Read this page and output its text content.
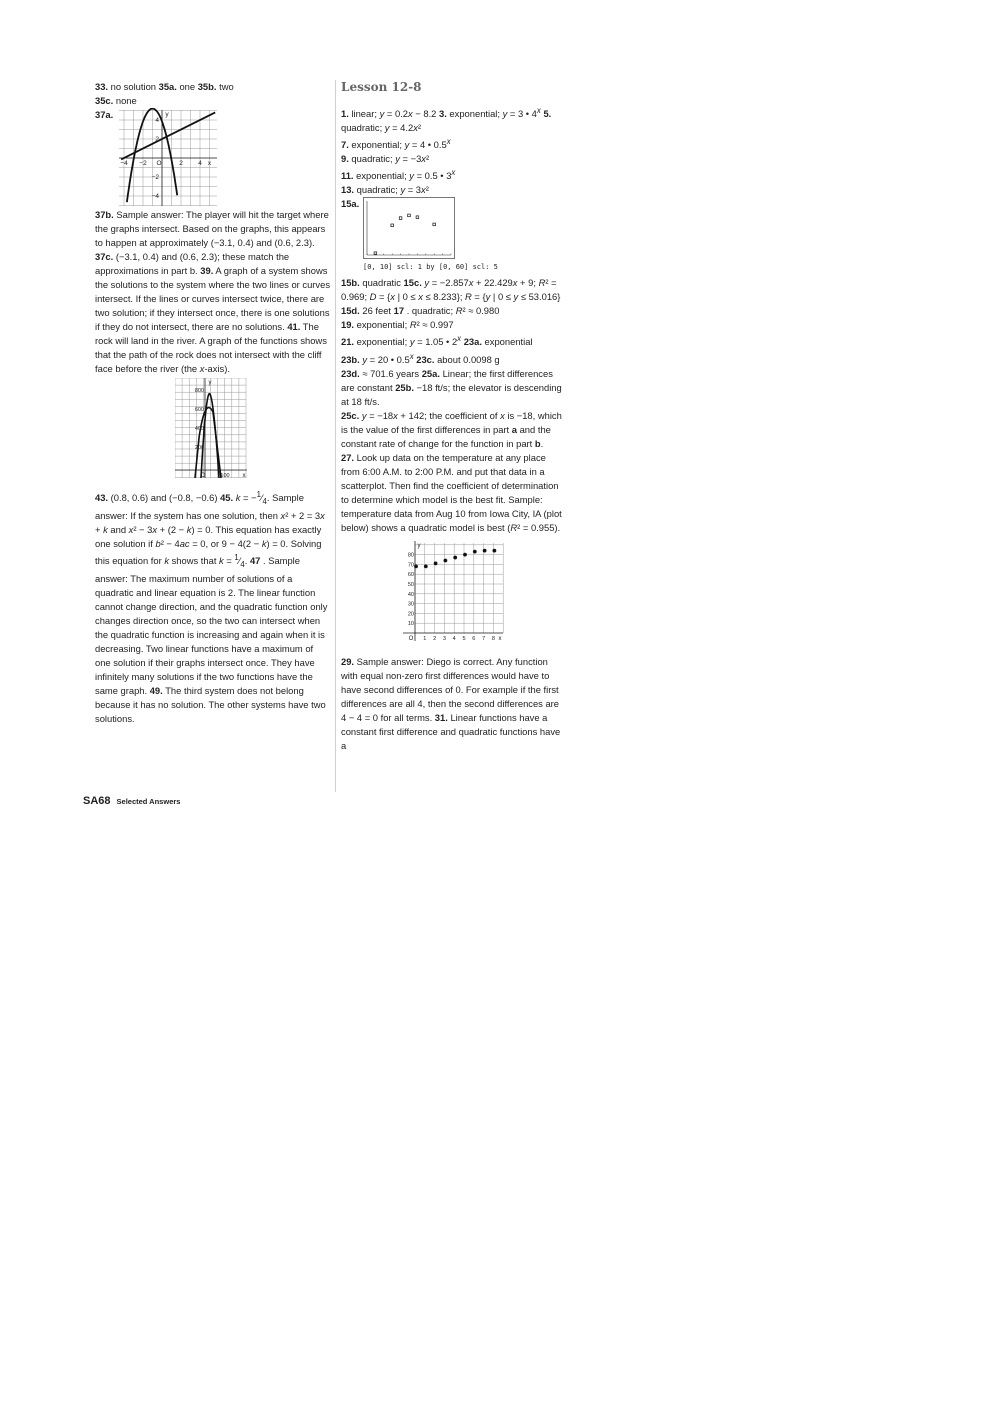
33. no solution 35a. one 35b. two

35c. none

37a.
−4 −2 O	2 4 x
4
2
−2
−4
y

37b. Sample answer: The player will hit the target where the graphs intersect. Based on the graphs, this appears to happen at approximately (−3.1, 0.4) and (0.6, 2.3). 37c. (−3.1, 0.4) and (0.6, 2.3); these match the approximations in part b. 39. A graph of a system shows the solutions to the system where the two lines or curves intersect. If the lines or curves intersect twice, there are two solution; if they intersect once, there is one solutions if they do not intersect, there are no solutions. 41. The rock will land in the river. A graph of the functions shows that the path of the rock does not intersect with the cliff face before the river (the x-axis).

800
600
400
200
y
O	100 x

43. (0.8, 0.6) and (−0.8, −0.6) 45. $k = -^1⁄_4$. Sample answer: If the system has one solution, then x² + 2 = 3x + k and x² − 3x + (2 − k) = 0. This equation has exactly one solution if b² − 4ac = 0, or 9 − 4(2 − k) = 0. Solving this equation for k shows that $k = ^1⁄_4$. 47 . Sample answer: The maximum number of solutions of a quadratic and linear equation is 2. The linear function cannot change direction, and the quadratic function only changes direction once, so the two can intersect when the quadratic function is increasing and again when it is decreasing. Two linear functions have a maximum of one solution if their graphs intersect once. They have infinitely many solutions if the two functions have the same graph. 49. The third system does not belong because it has no solution. The other systems have two solutions.

Lesson 12-8

1. linear; y = 0.2x − 8.2 3. exponential; y = 3 • 4$^x$ 5. quadratic; y = 4.2x²

7. exponential; y = 4 • 0.5$^x$

9. quadratic; y = −3x²

11. exponential; y = 0.5 • 3$^x$

13. quadratic; y = 3x²

15a.
[0, 10] scl: 1 by [0, 60] scl: 5

15b. quadratic 15c. y = −2.857x + 22.429x + 9; R² = 0.969; D = {x | 0 ≤ x ≤ 8.233}; R = {y | 0 ≤ y ≤ 53.016}

15d. 26 feet 17 . quadratic; R² ≈ 0.980

19. exponential; R² ≈ 0.997

21. exponential; y = 1.05 • 2$^x$ 23a. exponential

23b. y = 20 • 0.5$^x$ 23c. about 0.0098 g

23d. ≈ 701.6 years 25a. Linear; the first differences are constant 25b. −18 ft/s; the elevator is descending at 18 ft/s.

25c. y = −18x + 142; the coefficient of x is −18, which is the value of the first differences in part a and the constant rate of change for the function in part b.

27. Look up data on the temperature at any place from 6:00 A.M. to 2:00 P.M. and put that data in a scatterplot. Then find the coefficient of determination to determine which model is the best fit. Sample: temperature data from Aug 10 from Iowa City, IA (plot below) shows a quadratic model is best (R² = 0.955).

80
70
60
50
40
30
20
10
y
O 1 2 3 4 5 6 7 8 x

29. Sample answer: Diego is correct. Any function with equal non-zero first differences would have to have second differences of 0. For example if the first differences are all 4, then the second differences are 4 − 4 = 0 for all terms. 31. Linear functions have a constant first difference and quadratic functions have a

SA68 Selected Answers
